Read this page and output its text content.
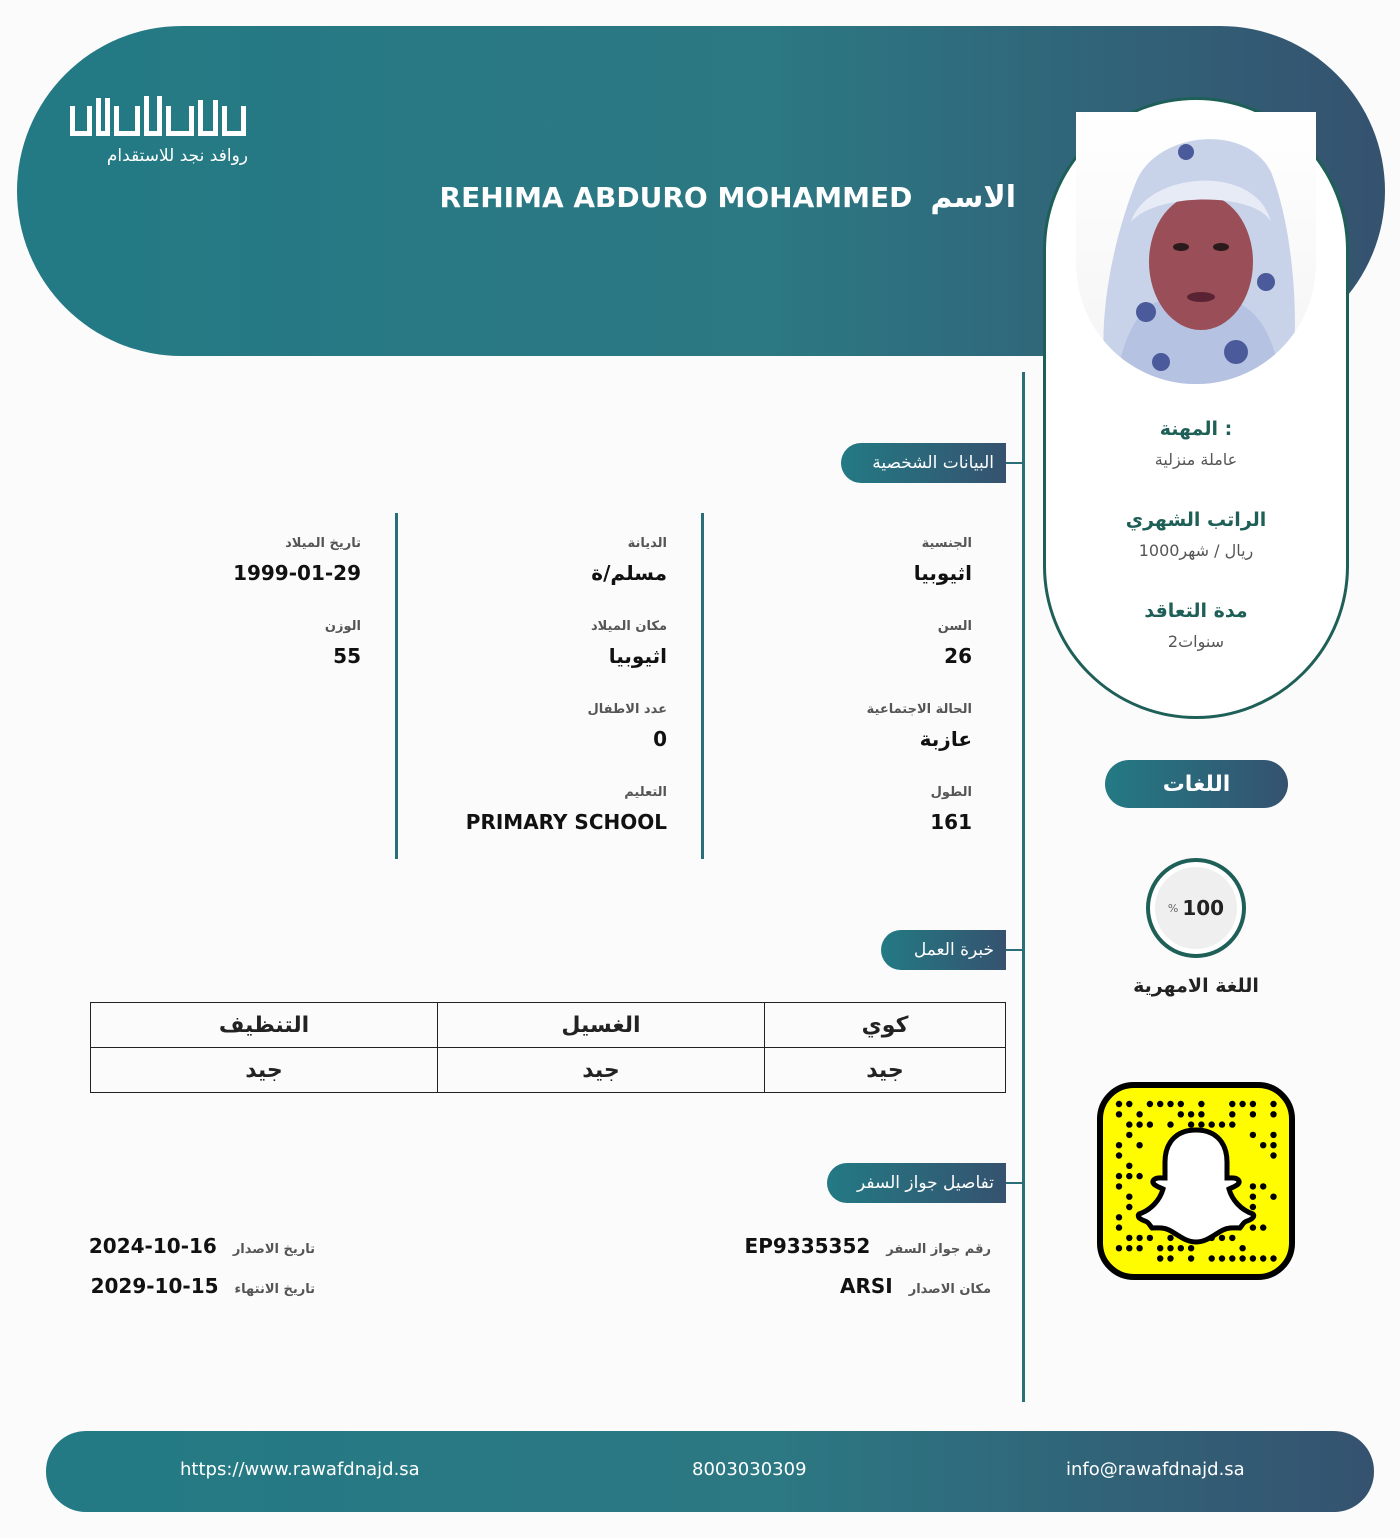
روافد نجد للاستقدام
الاسم
REHIMA ABDURO MOHAMMED
المهنة :
عاملة منزلية
الراتب الشهري
1000ريال / شهر
مدة التعاقد
2سنوات
البيانات الشخصية
الجنسية
اثيوبيا
السن
26
الحالة الاجتماعية
عازبة
الطول
161
الديانة
مسلم/ة
مكان الميلاد
اثيوبيا
عدد الاطفال
0
التعليم
PRIMARY SCHOOL
تاريخ الميلاد
1999-01-29
الوزن
55
خبرة العمل
كوي	الغسيل	التنظيف
جيد	جيد	جيد
تفاصيل جواز السفر
رقم جواز السفر
EP9335352
مكان الاصدار
ARSI
تاريخ الاصدار
2024-10-16
تاريخ الانتهاء
2029-10-15
اللغات
% 100
اللغة الامهرية
https://www.rawafdnajd.sa	8003030309	info@rawafdnajd.sa
